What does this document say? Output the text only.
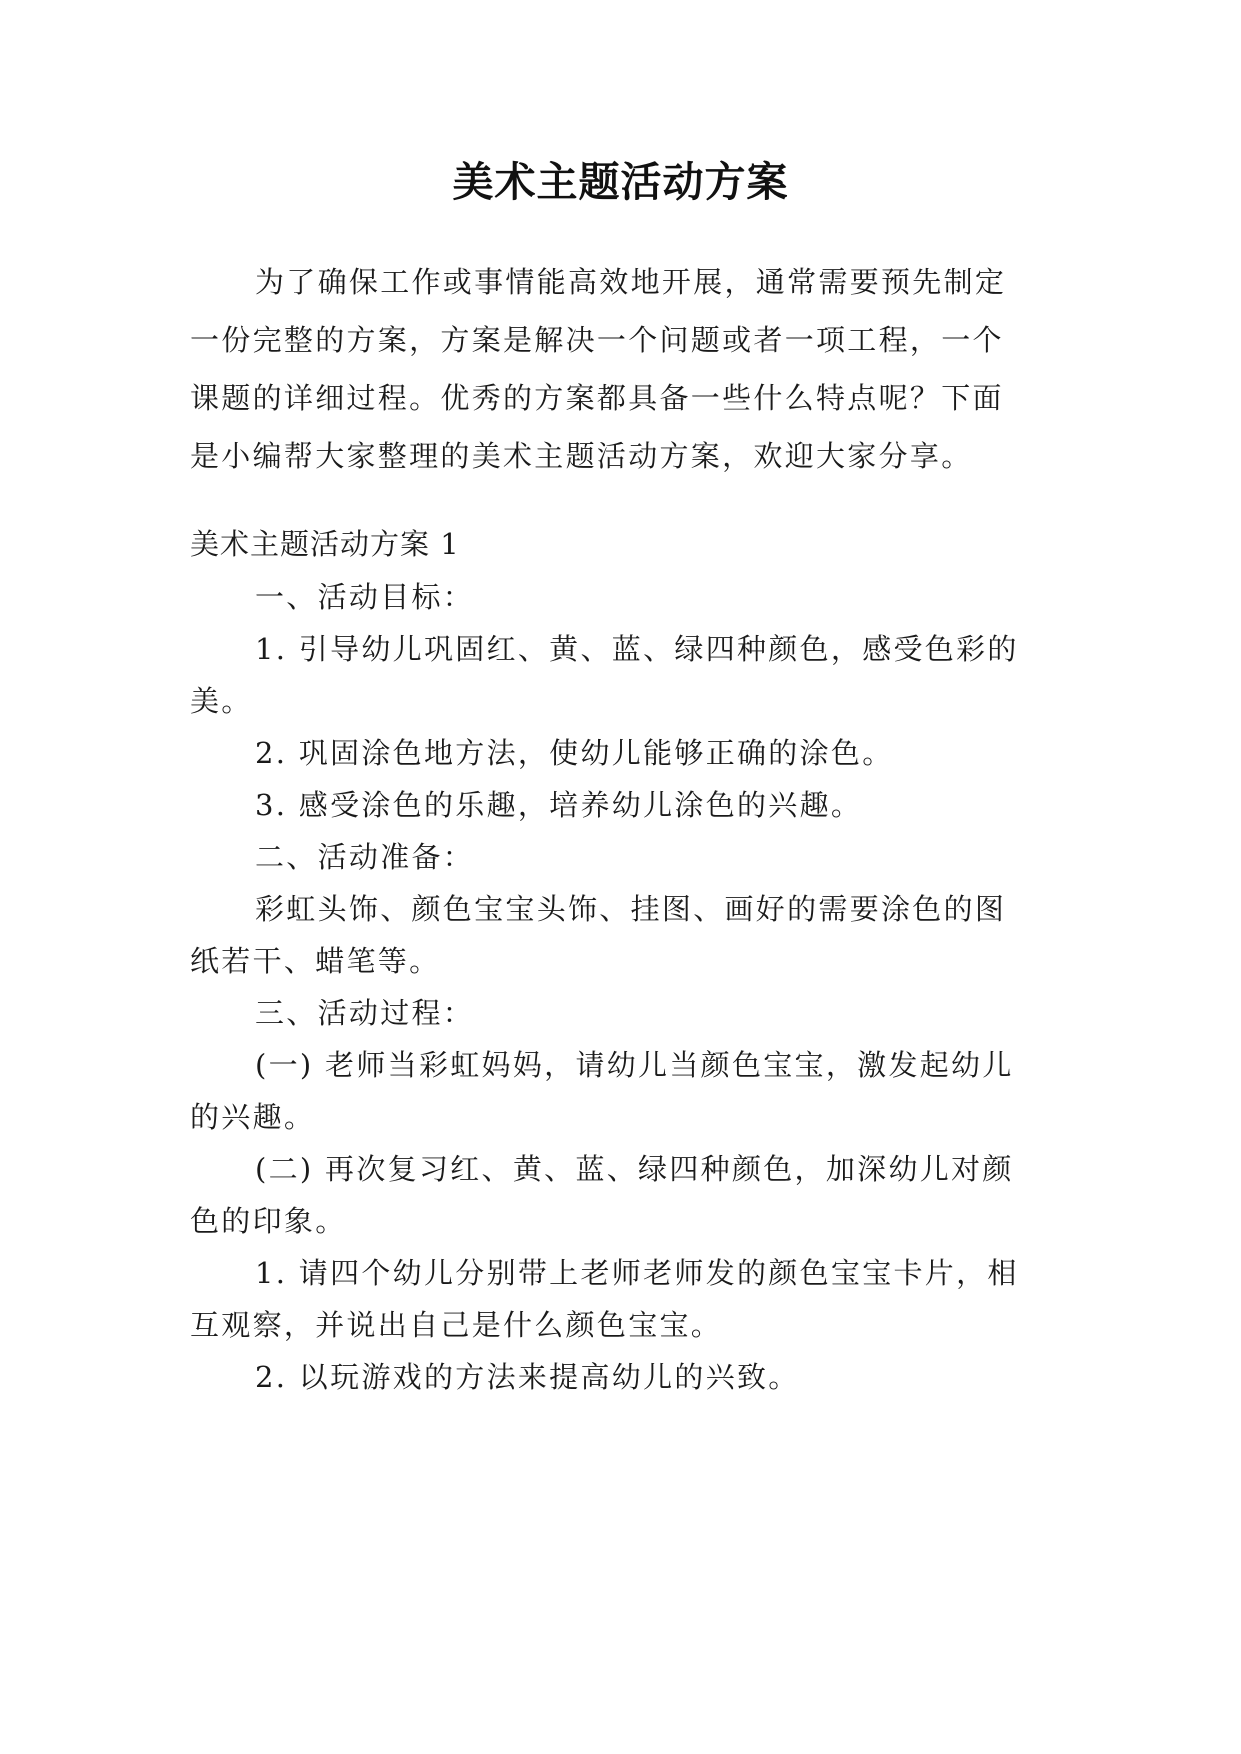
美术主题活动方案

为了确保工作或事情能高效地开展，通常需要预先制定

一份完整的方案，方案是解决一个问题或者一项工程，一个

课题的详细过程。优秀的方案都具备一些什么特点呢？下面

是小编帮大家整理的美术主题活动方案，欢迎大家分享。

美术主题活动方案 1

一、活动目标：

1. 引导幼儿巩固红、黄、蓝、绿四种颜色，感受色彩的

美。

2. 巩固涂色地方法，使幼儿能够正确的涂色。

3. 感受涂色的乐趣，培养幼儿涂色的兴趣。

二、活动准备：

彩虹头饰、颜色宝宝头饰、挂图、画好的需要涂色的图

纸若干、蜡笔等。

三、活动过程：

(一) 老师当彩虹妈妈，请幼儿当颜色宝宝，激发起幼儿

的兴趣。

(二) 再次复习红、黄、蓝、绿四种颜色，加深幼儿对颜

色的印象。

1. 请四个幼儿分别带上老师老师发的颜色宝宝卡片，相

互观察，并说出自己是什么颜色宝宝。

2. 以玩游戏的方法来提高幼儿的兴致。
